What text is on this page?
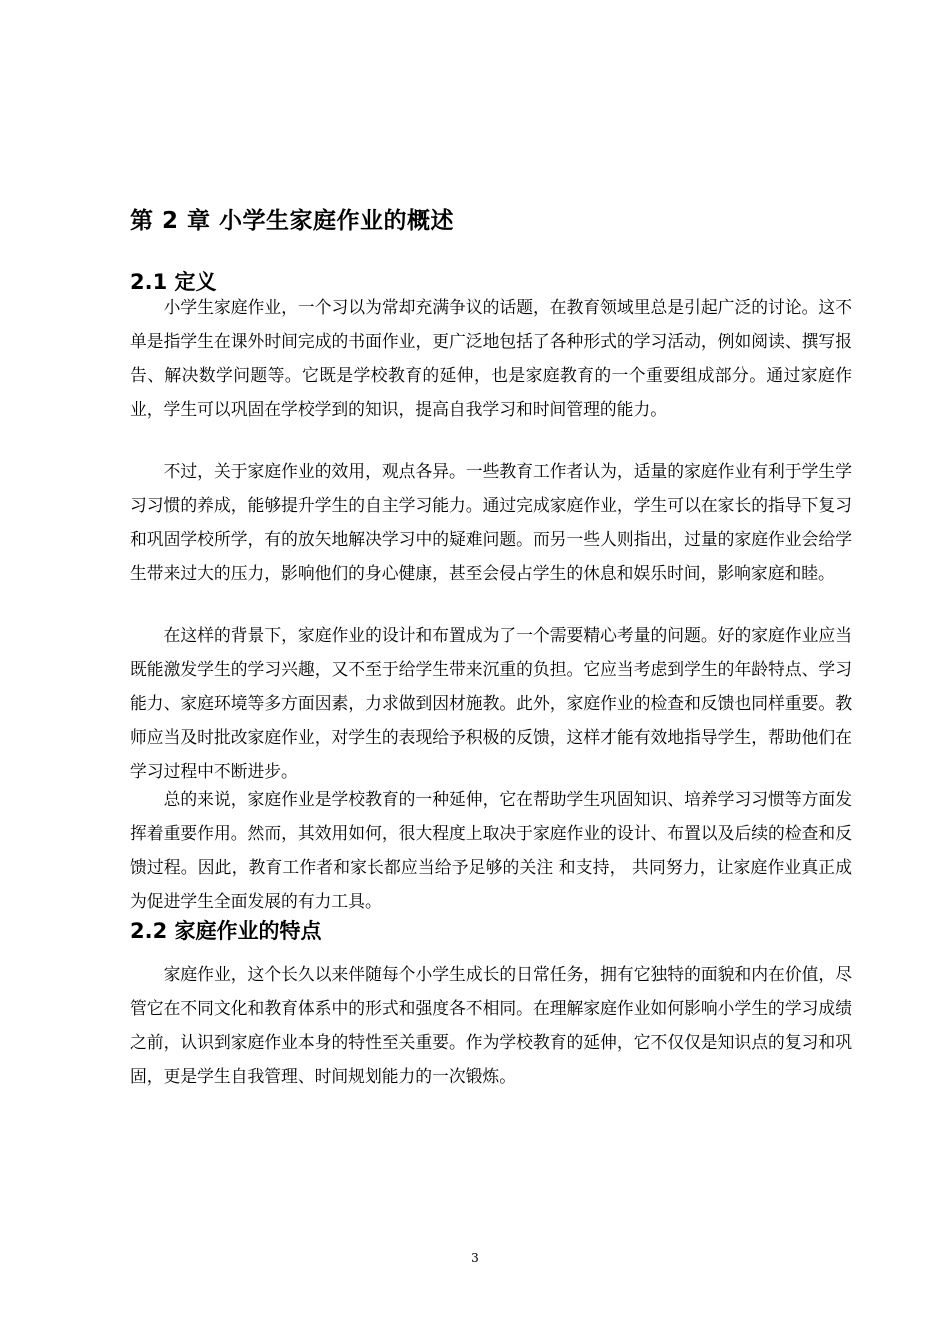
第 2 章 小学生家庭作业的概述
2.1 定义

小学生家庭作业，一个习以为常却充满争议的话题，在教育领域里总是引起广泛的讨论。这不单是指学生在课外时间完成的书面作业，更广泛地包括了各种形式的学习活动，例如阅读、撰写报告、解决数学问题等。它既是学校教育的延伸，也是家庭教育的一个重要组成部分。通过家庭作业，学生可以巩固在学校学到的知识，提高自我学习和时间管理的能力。

不过，关于家庭作业的效用，观点各异。一些教育工作者认为，适量的家庭作业有利于学生学习习惯的养成，能够提升学生的自主学习能力。通过完成家庭作业，学生可以在家长的指导下复习和巩固学校所学，有的放矢地解决学习中的疑难问题。而另一些人则指出，过量的家庭作业会给学生带来过大的压力，影响他们的身心健康，甚至会侵占学生的休息和娱乐时间，影响家庭和睦。

在这样的背景下，家庭作业的设计和布置成为了一个需要精心考量的问题。好的家庭作业应当既能激发学生的学习兴趣，又不至于给学生带来沉重的负担。它应当考虑到学生的年龄特点、学习能力、家庭环境等多方面因素，力求做到因材施教。此外，家庭作业的检查和反馈也同样重要。教师应当及时批改家庭作业，对学生的表现给予积极的反馈，这样才能有效地指导学生，帮助他们在学习过程中不断进步。

总的来说，家庭作业是学校教育的一种延伸，它在帮助学生巩固知识、培养学习习惯等方面发挥着重要作用。然而，其效用如何，很大程度上取决于家庭作业的设计、布置以及后续的检查和反馈过程。因此，教育工作者和家长都应当给予足够的关注 和支持， 共同努力，让家庭作业真正成为促进学生全面发展的有力工具。

2.2 家庭作业的特点

家庭作业，这个长久以来伴随每个小学生成长的日常任务，拥有它独特的面貌和内在价值，尽管它在不同文化和教育体系中的形式和强度各不相同。在理解家庭作业如何影响小学生的学习成绩之前，认识到家庭作业本身的特性至关重要。作为学校教育的延伸，它不仅仅是知识点的复习和巩固，更是学生自我管理、时间规划能力的一次锻炼。

3
